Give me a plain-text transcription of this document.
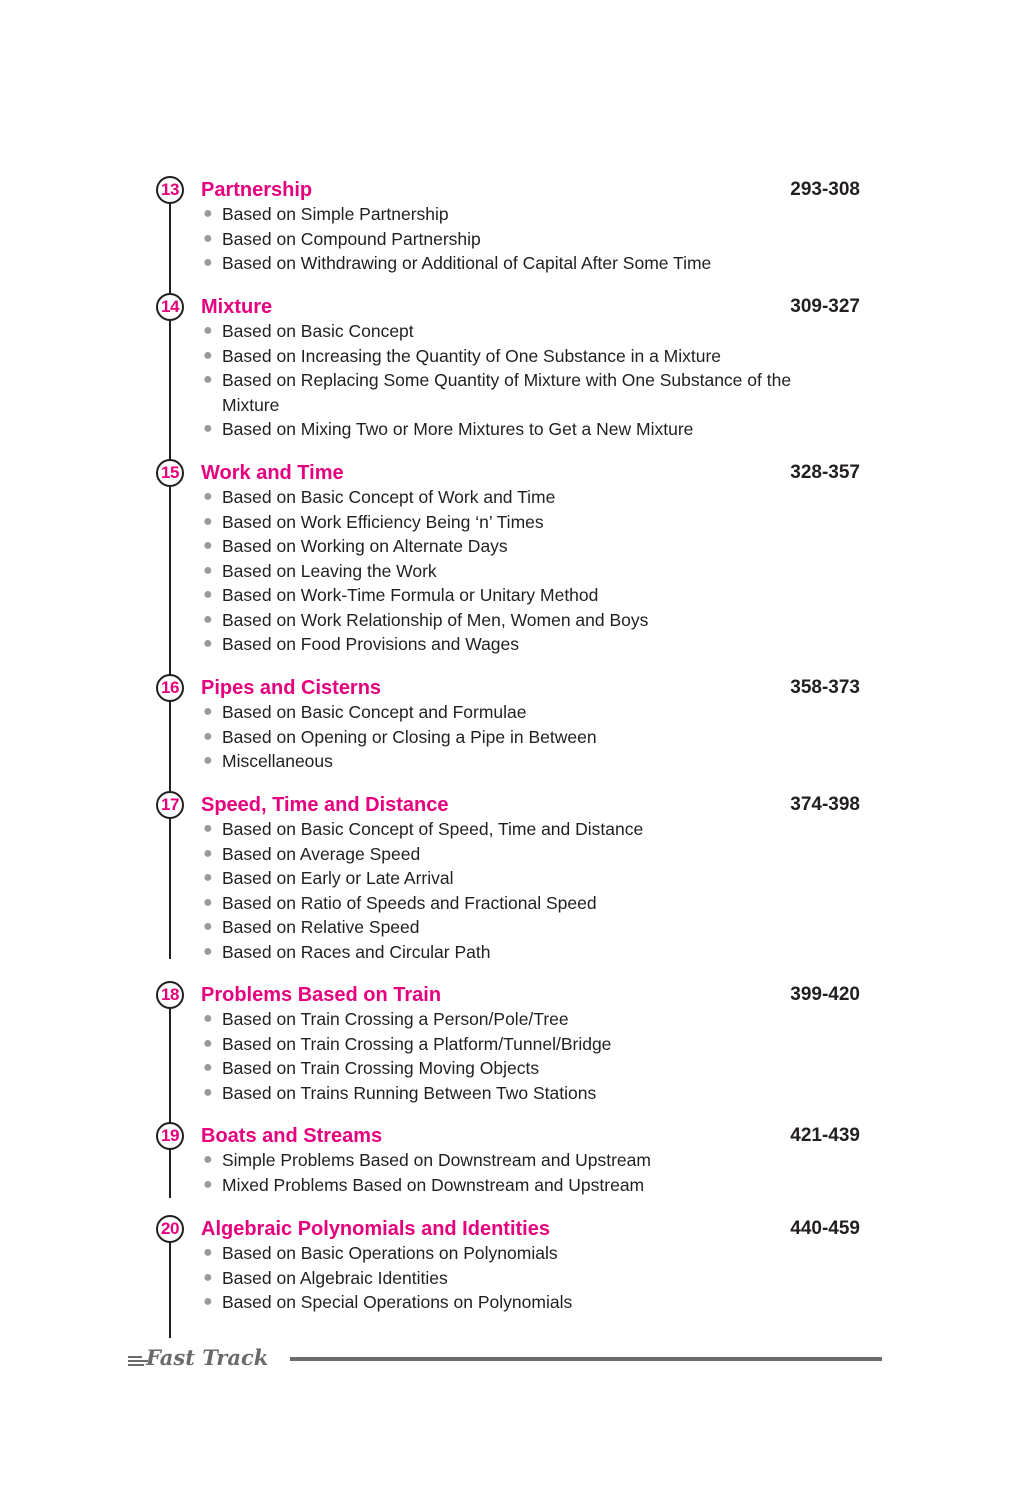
13 Partnership	293-308
● Based on Simple Partnership
● Based on Compound Partnership
● Based on Withdrawing or Additional of Capital After Some Time
14 Mixture	309-327
● Based on Basic Concept
● Based on Increasing the Quantity of One Substance in a Mixture
● Based on Replacing Some Quantity of Mixture with One Substance of the Mixture
● Based on Mixing Two or More Mixtures to Get a New Mixture
15 Work and Time	328-357
● Based on Basic Concept of Work and Time
● Based on Work Efficiency Being ‘n’ Times
● Based on Working on Alternate Days
● Based on Leaving the Work
● Based on Work-Time Formula or Unitary Method
● Based on Work Relationship of Men, Women and Boys
● Based on Food Provisions and Wages
16 Pipes and Cisterns	358-373
● Based on Basic Concept and Formulae
● Based on Opening or Closing a Pipe in Between
● Miscellaneous
17 Speed, Time and Distance	374-398
● Based on Basic Concept of Speed, Time and Distance
● Based on Average Speed
● Based on Early or Late Arrival
● Based on Ratio of Speeds and Fractional Speed
● Based on Relative Speed
● Based on Races and Circular Path
18 Problems Based on Train	399-420
● Based on Train Crossing a Person/Pole/Tree
● Based on Train Crossing a Platform/Tunnel/Bridge
● Based on Train Crossing Moving Objects
● Based on Trains Running Between Two Stations
19 Boats and Streams	421-439
● Simple Problems Based on Downstream and Upstream
● Mixed Problems Based on Downstream and Upstream
20 Algebraic Polynomials and Identities	440-459
● Based on Basic Operations on Polynomials
● Based on Algebraic Identities
● Based on Special Operations on Polynomials
Fast Track
